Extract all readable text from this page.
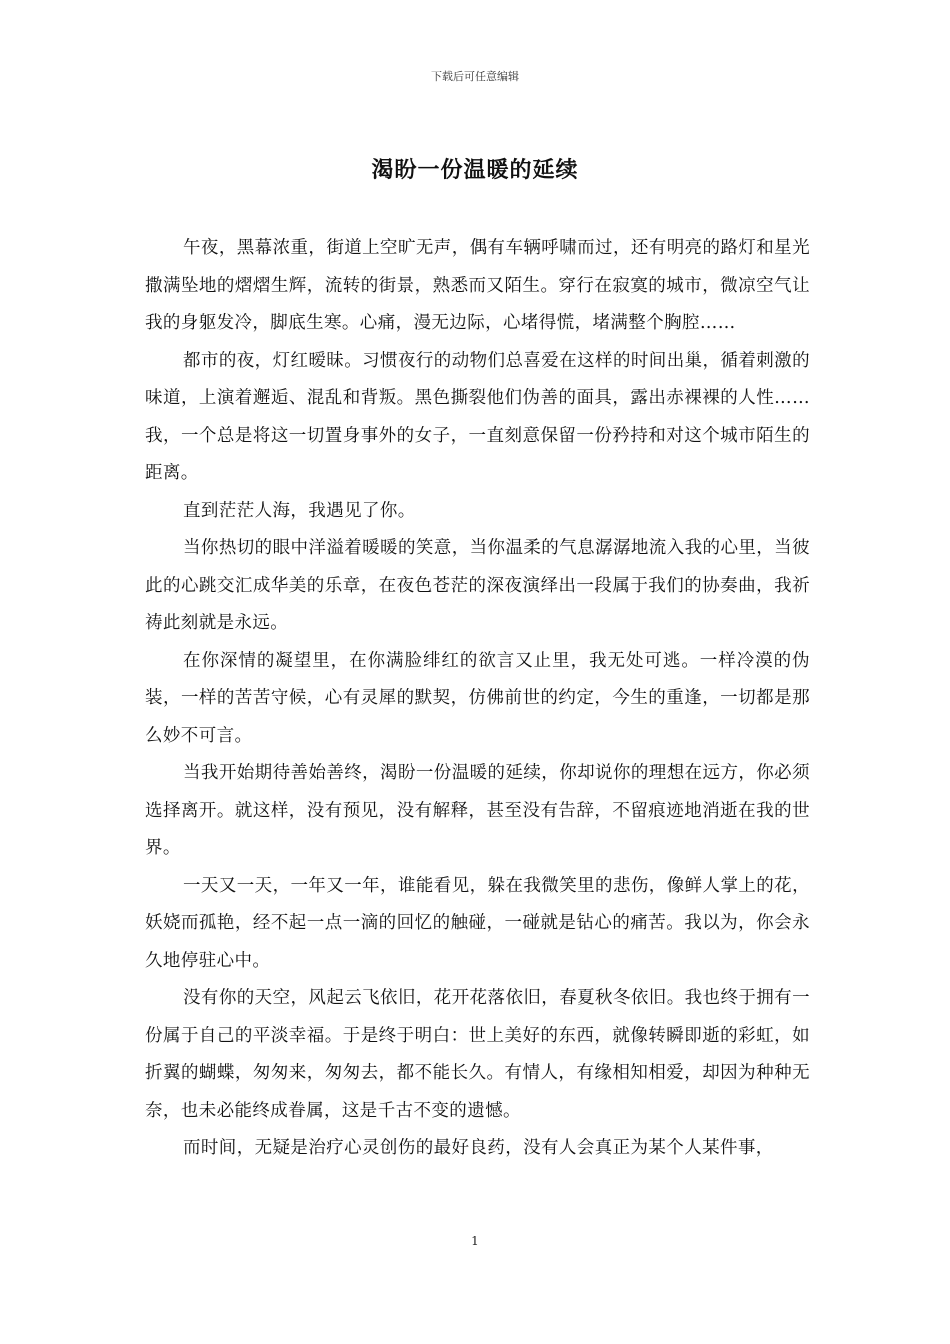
下载后可任意编辑
渴盼一份温暖的延续

午夜，黑幕浓重，街道上空旷无声，偶有车辆呼啸而过，还有明亮的路灯和星光撒满坠地的熠熠生辉，流转的街景，熟悉而又陌生。穿行在寂寞的城市，微凉空气让我的身躯发冷，脚底生寒。心痛，漫无边际，心堵得慌，堵满整个胸腔……

都市的夜，灯红暧昧。习惯夜行的动物们总喜爱在这样的时间出巢，循着刺激的味道，上演着邂逅、混乱和背叛。黑色撕裂他们伪善的面具，露出赤裸裸的人性……我，一个总是将这一切置身事外的女子，一直刻意保留一份矜持和对这个城市陌生的距离。

直到茫茫人海，我遇见了你。

当你热切的眼中洋溢着暖暖的笑意，当你温柔的气息潺潺地流入我的心里，当彼此的心跳交汇成华美的乐章，在夜色苍茫的深夜演绎出一段属于我们的协奏曲，我祈祷此刻就是永远。

在你深情的凝望里，在你满脸绯红的欲言又止里，我无处可逃。一样冷漠的伪装，一样的苦苦守候，心有灵犀的默契，仿佛前世的约定，今生的重逢，一切都是那么妙不可言。

当我开始期待善始善终，渴盼一份温暖的延续，你却说你的理想在远方，你必须选择离开。就这样，没有预见，没有解释，甚至没有告辞，不留痕迹地消逝在我的世界。

一天又一天，一年又一年，谁能看见，躲在我微笑里的悲伤，像鲜人掌上的花，妖娆而孤艳，经不起一点一滴的回忆的触碰，一碰就是钻心的痛苦。我以为，你会永久地停驻心中。

没有你的天空，风起云飞依旧，花开花落依旧，春夏秋冬依旧。我也终于拥有一份属于自己的平淡幸福。于是终于明白：世上美好的东西，就像转瞬即逝的彩虹，如折翼的蝴蝶，匆匆来，匆匆去，都不能长久。有情人，有缘相知相爱，却因为种种无奈，也未必能终成眷属，这是千古不变的遗憾。

而时间，无疑是治疗心灵创伤的最好良药，没有人会真正为某个人某件事，

1
